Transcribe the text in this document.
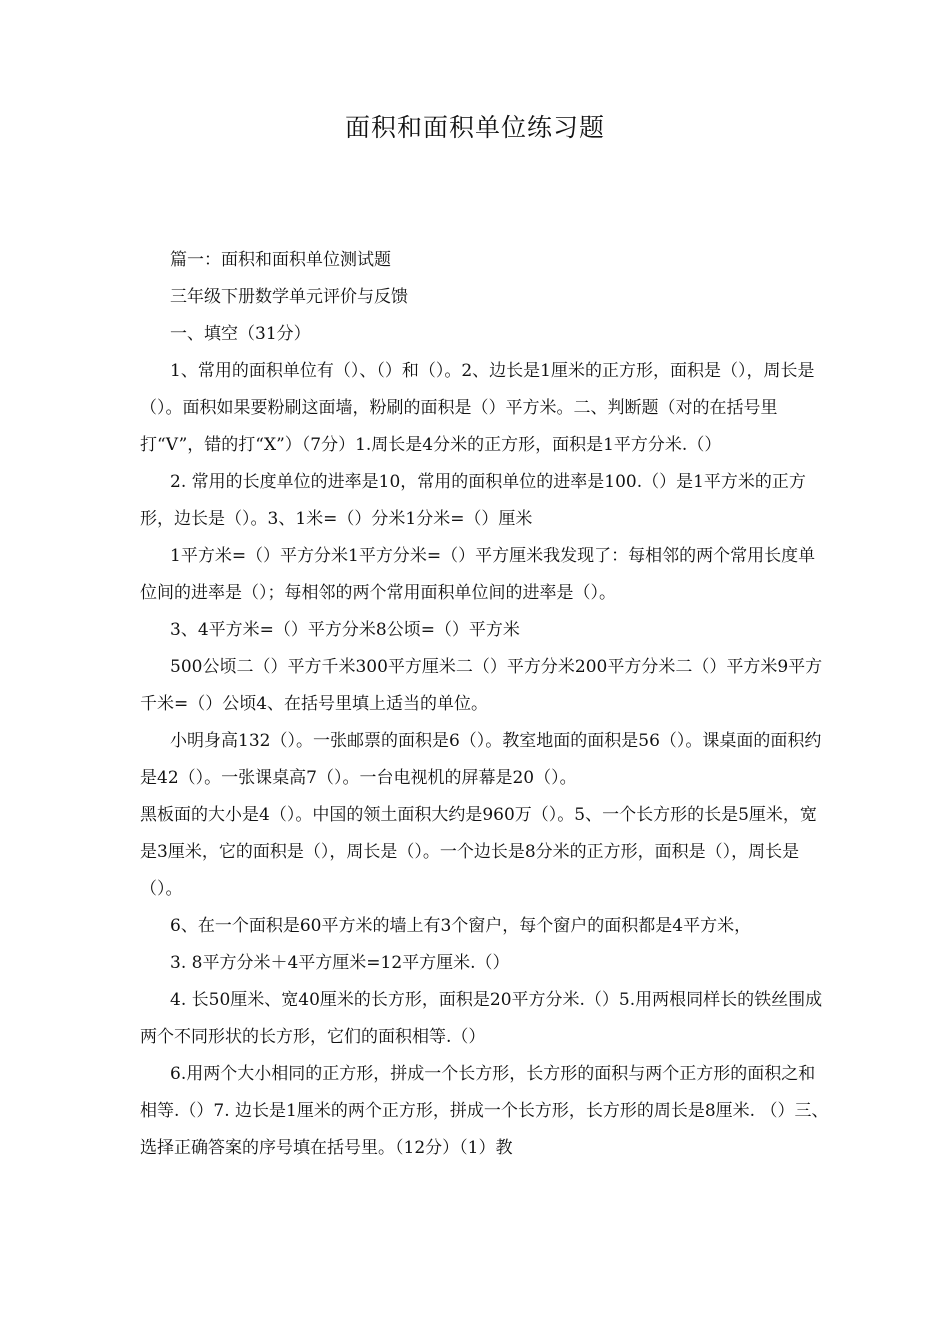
面积和面积单位练习题

篇一：面积和面积单位测试题

三年级下册数学单元评价与反馈

一、填空（31分）

1、常用的面积单位有（）、（）和（）。2、边长是1厘米的正方形，面积是（），周长是（）。面积如果要粉刷这面墙，粉刷的面积是（）平方米。二、判断题（对的在括号里打“V”，错的打“X”）（7分）1.周长是4分米的正方形，面积是1平方分米.（）

2. 常用的长度单位的进率是10，常用的面积单位的进率是100.（）是1平方米的正方形，边长是（）。3、1米=（）分米1分米=（）厘米

1平方米=（）平方分米1平方分米=（）平方厘米我发现了：每相邻的两个常用长度单位间的进率是（）；每相邻的两个常用面积单位间的进率是（）。

3、4平方米=（）平方分米8公顷=（）平方米

500公顷二（）平方千米300平方厘米二（）平方分米200平方分米二（）平方米9平方千米=（）公顷4、在括号里填上适当的单位。

小明身高132（）。一张邮票的面积是6（）。教室地面的面积是56（）。课桌面的面积约是42（）。一张课桌高7（）。一台电视机的屏幕是20（）。

黑板面的大小是4（）。中国的领土面积大约是960万（）。5、一个长方形的长是5厘米，宽是3厘米，它的面积是（），周长是（）。一个边长是8分米的正方形，面积是（），周长是（）。

6、在一个面积是60平方米的墙上有3个窗户，每个窗户的面积都是4平方米，

3. 8平方分米＋4平方厘米=12平方厘米.（）

4. 长50厘米、宽40厘米的长方形，面积是20平方分米.（）5.用两根同样长的铁丝围成两个不同形状的长方形，它们的面积相等.（）

6.用两个大小相同的正方形，拼成一个长方形，长方形的面积与两个正方形的面积之和相等.（）7. 边长是1厘米的两个正方形，拼成一个长方形，长方形的周长是8厘米. （）三、选择正确答案的序号填在括号里。（12分）（1）教
